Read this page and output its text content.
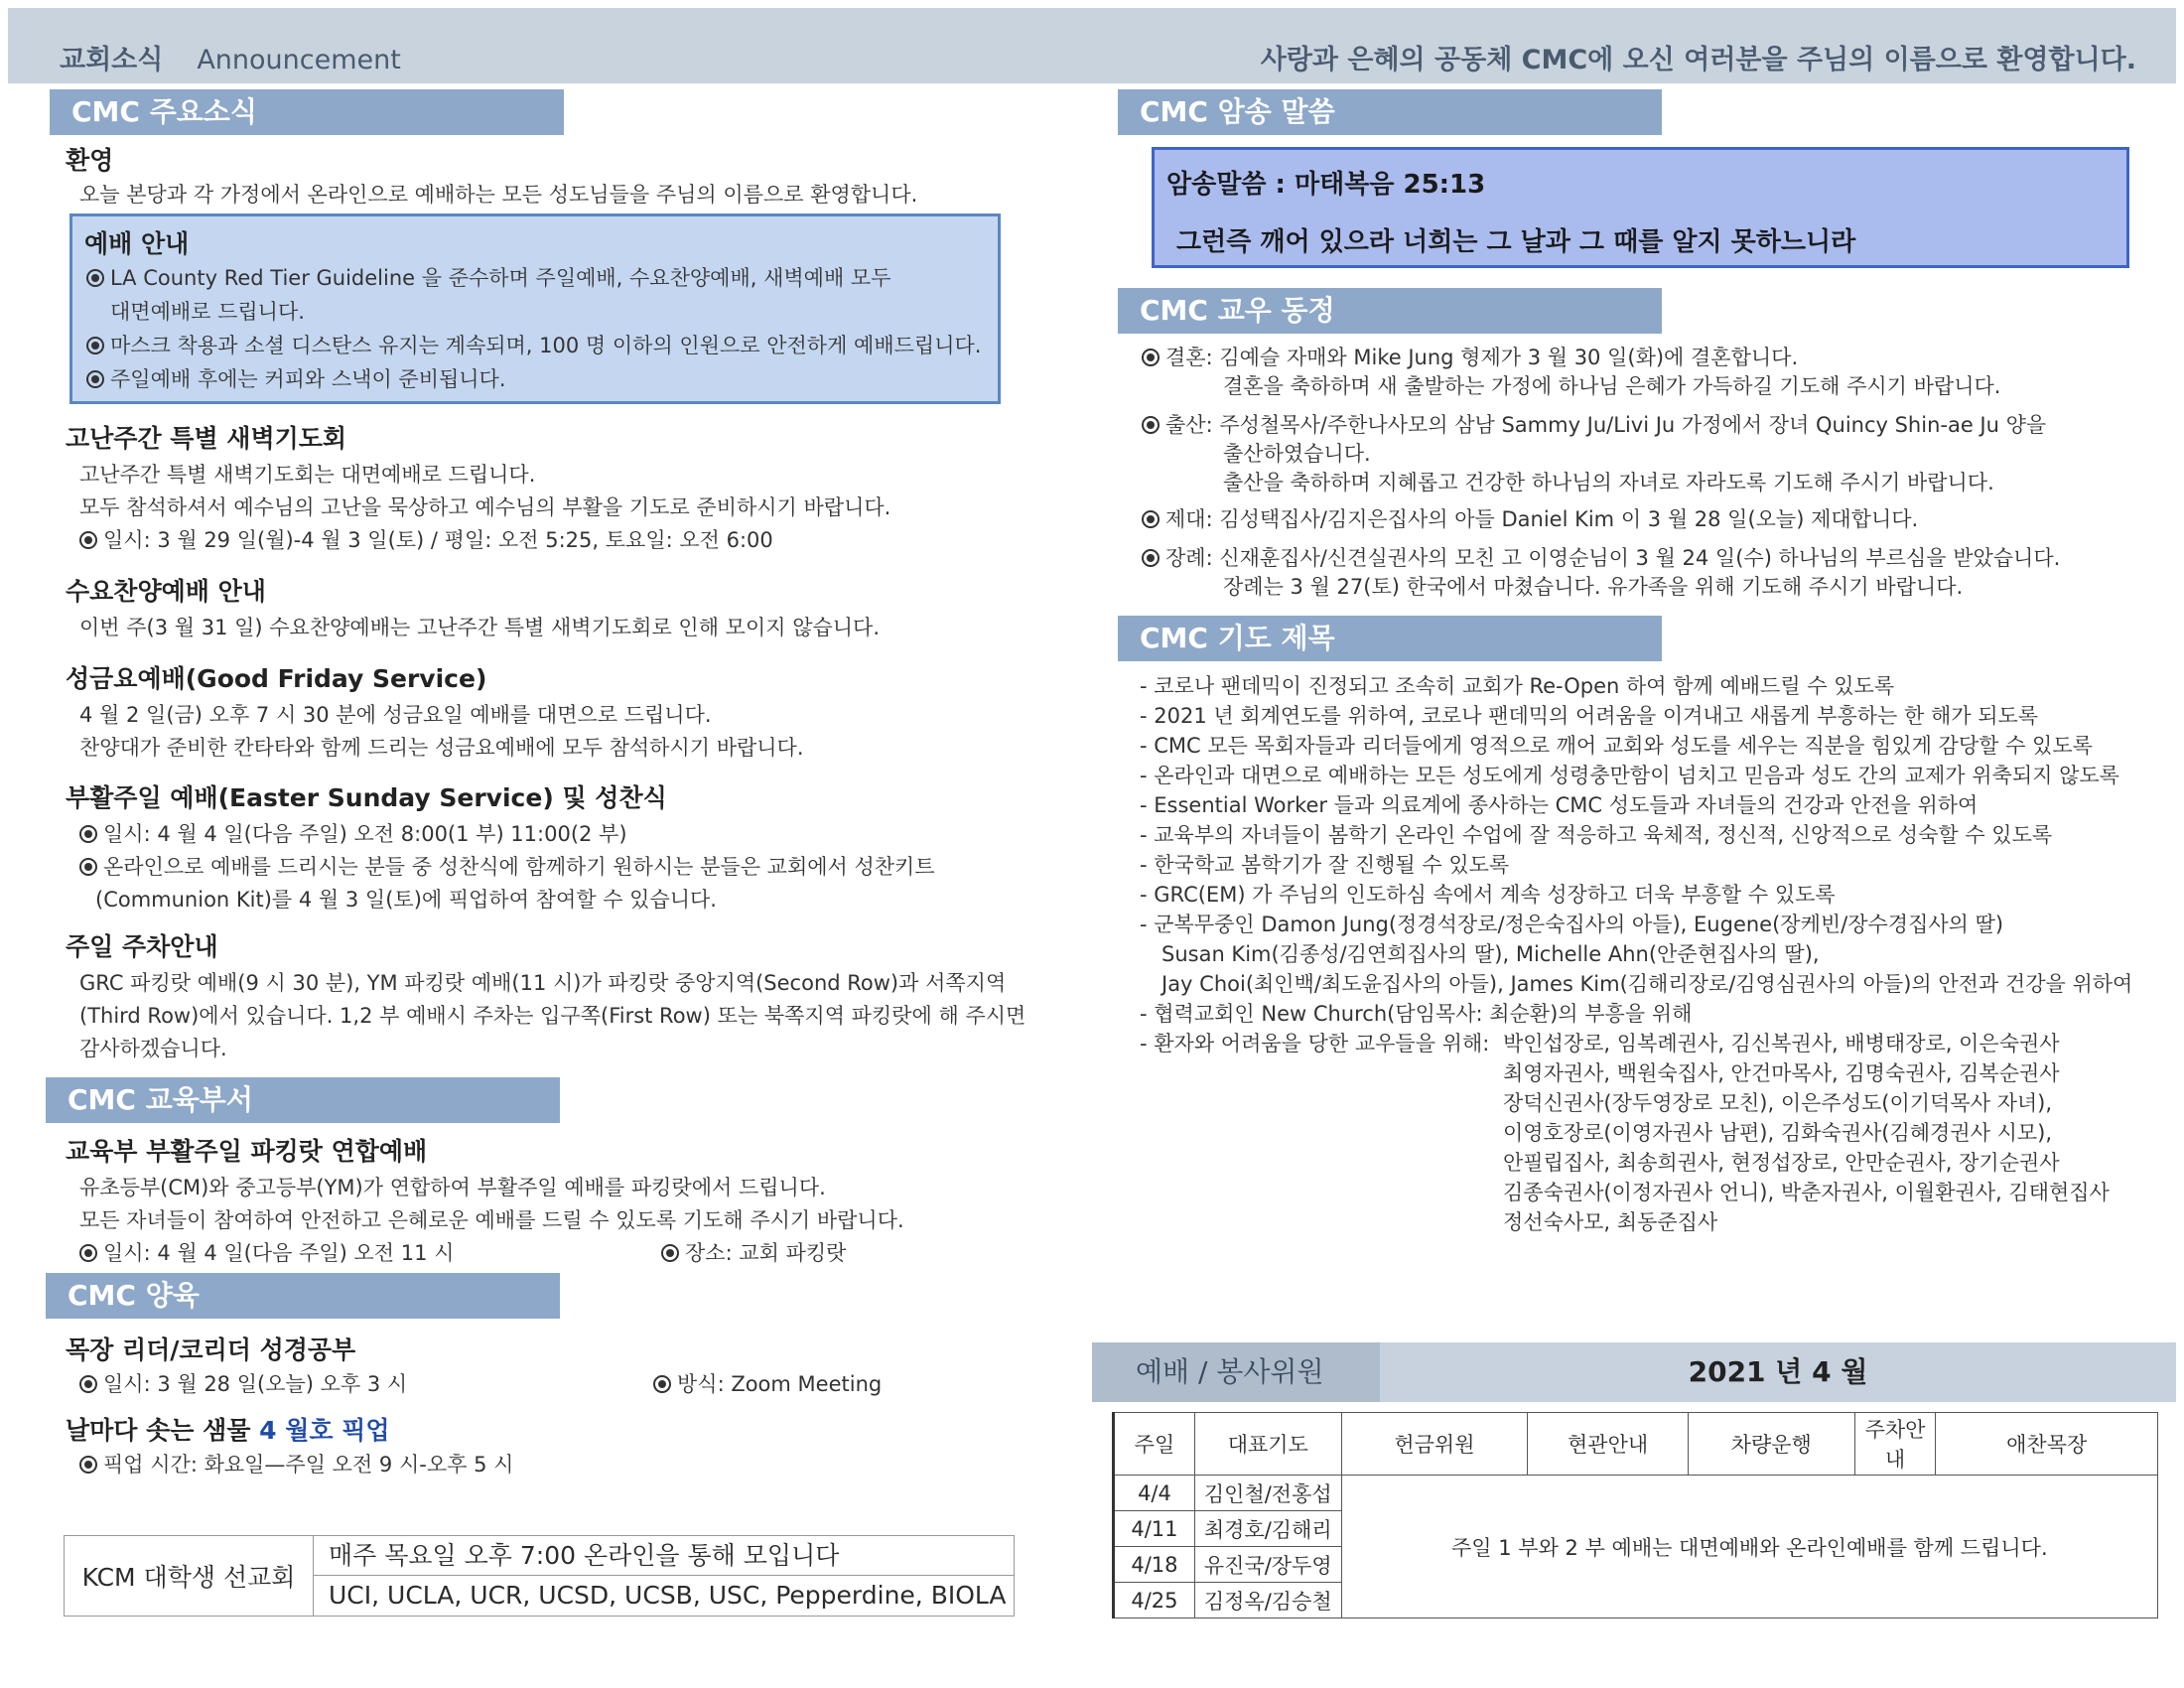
교회소식 Announcement	사랑과 은혜의 공동체 CMC에 오신 여러분을 주님의 이름으로 환영합니다.
CMC 주요소식
환영
오늘 본당과 각 가정에서 온라인으로 예배하는 모든 성도님들을 주님의 이름으로 환영합니다.
예배 안내
LA County Red Tier Guideline 을 준수하며 주일예배, 수요찬양예배, 새벽예배 모두
대면예배로 드립니다.
마스크 착용과 소셜 디스탄스 유지는 계속되며, 100 명 이하의 인원으로 안전하게 예배드립니다.
주일예배 후에는 커피와 스낵이 준비됩니다.
고난주간 특별 새벽기도회
고난주간 특별 새벽기도회는 대면예배로 드립니다.
모두 참석하셔서 예수님의 고난을 묵상하고 예수님의 부활을 기도로 준비하시기 바랍니다.
일시: 3 월 29 일(월)-4 월 3 일(토) / 평일: 오전 5:25, 토요일: 오전 6:00
수요찬양예배 안내
이번 주(3 월 31 일) 수요찬양예배는 고난주간 특별 새벽기도회로 인해 모이지 않습니다.
성금요예배(Good Friday Service)
4 월 2 일(금) 오후 7 시 30 분에 성금요일 예배를 대면으로 드립니다.
찬양대가 준비한 칸타타와 함께 드리는 성금요예배에 모두 참석하시기 바랍니다.
부활주일 예배(Easter Sunday Service) 및 성찬식
일시: 4 월 4 일(다음 주일) 오전 8:00(1 부) 11:00(2 부)
온라인으로 예배를 드리시는 분들 중 성찬식에 함께하기 원하시는 분들은 교회에서 성찬키트
(Communion Kit)를 4 월 3 일(토)에 픽업하여 참여할 수 있습니다.
주일 주차안내
GRC 파킹랏 예배(9 시 30 분), YM 파킹랏 예배(11 시)가 파킹랏 중앙지역(Second Row)과 서쪽지역
(Third Row)에서 있습니다. 1,2 부 예배시 주차는 입구쪽(First Row) 또는 북쪽지역 파킹랏에 해 주시면
감사하겠습니다.
CMC 교육부서
교육부 부활주일 파킹랏 연합예배
유초등부(CM)와 중고등부(YM)가 연합하여 부활주일 예배를 파킹랏에서 드립니다.
모든 자녀들이 참여하여 안전하고 은혜로운 예배를 드릴 수 있도록 기도해 주시기 바랍니다.
일시: 4 월 4 일(다음 주일) 오전 11 시	장소: 교회 파킹랏
CMC 양육
목장 리더/코리더 성경공부
일시: 3 월 28 일(오늘) 오후 3 시	방식: Zoom Meeting
날마다 솟는 샘물 4 월호 픽업
픽업 시간: 화요일—주일 오전 9 시-오후 5 시
KCM 대학생 선교회
매주 목요일 오후 7:00 온라인을 통해 모입니다
UCI, UCLA, UCR, UCSD, UCSB, USC, Pepperdine, BIOLA
CMC 암송 말씀
암송말씀 : 마태복음 25:13
그런즉 깨어 있으라 너희는 그 날과 그 때를 알지 못하느니라
CMC 교우 동정
결혼: 김예슬 자매와 Mike Jung 형제가 3 월 30 일(화)에 결혼합니다.
결혼을 축하하며 새 출발하는 가정에 하나님 은혜가 가득하길 기도해 주시기 바랍니다.
출산: 주성철목사/주한나사모의 삼남 Sammy Ju/Livi Ju 가정에서 장녀 Quincy Shin-ae Ju 양을
출산하였습니다.
출산을 축하하며 지혜롭고 건강한 하나님의 자녀로 자라도록 기도해 주시기 바랍니다.
제대: 김성택집사/김지은집사의 아들 Daniel Kim 이 3 월 28 일(오늘) 제대합니다.
장례: 신재훈집사/신견실권사의 모친 고 이영순님이 3 월 24 일(수) 하나님의 부르심을 받았습니다.
장례는 3 월 27(토) 한국에서 마쳤습니다. 유가족을 위해 기도해 주시기 바랍니다.
CMC 기도 제목
- 코로나 팬데믹이 진정되고 조속히 교회가 Re-Open 하여 함께 예배드릴 수 있도록
- 2021 년 회계연도를 위하여, 코로나 팬데믹의 어려움을 이겨내고 새롭게 부흥하는 한 해가 되도록
- CMC 모든 목회자들과 리더들에게 영적으로 깨어 교회와 성도를 세우는 직분을 힘있게 감당할 수 있도록
- 온라인과 대면으로 예배하는 모든 성도에게 성령충만함이 넘치고 믿음과 성도 간의 교제가 위축되지 않도록
- Essential Worker 들과 의료계에 종사하는 CMC 성도들과 자녀들의 건강과 안전을 위하여
- 교육부의 자녀들이 봄학기 온라인 수업에 잘 적응하고 육체적, 정신적, 신앙적으로 성숙할 수 있도록
- 한국학교 봄학기가 잘 진행될 수 있도록
- GRC(EM) 가 주님의 인도하심 속에서 계속 성장하고 더욱 부흥할 수 있도록
- 군복무중인 Damon Jung(정경석장로/정은숙집사의 아들), Eugene(장케빈/장수경집사의 딸)
Susan Kim(김종성/김연희집사의 딸), Michelle Ahn(안준현집사의 딸),
Jay Choi(최인백/최도윤집사의 아들), James Kim(김해리장로/김영심권사의 아들)의 안전과 건강을 위하여
- 협력교회인 New Church(담임목사: 최순환)의 부흥을 위해
- 환자와 어려움을 당한 교우들을 위해: 박인섭장로, 임복례권사, 김신복권사, 배병태장로, 이은숙권사
최영자권사, 백원숙집사, 안건마목사, 김명숙권사, 김복순권사
장덕신권사(장두영장로 모친), 이은주성도(이기덕목사 자녀),
이영호장로(이영자권사 남편), 김화숙권사(김혜경권사 시모),
안필립집사, 최송희권사, 현정섭장로, 안만순권사, 장기순권사
김종숙권사(이정자권사 언니), 박춘자권사, 이월환권사, 김태현집사
정선숙사모, 최동준집사
예배 / 봉사위원	2021 년 4 월
주일	대표기도	헌금위원	현관안내	차량운행	주차안내	애찬목장
4/4	김인철/전홍섭	주일 1 부와 2 부 예배는 대면예배와 온라인예배를 함께 드립니다.				
4/11	최경호/김해리					
4/18	유진국/장두영					
4/25	김정옥/김승철					
